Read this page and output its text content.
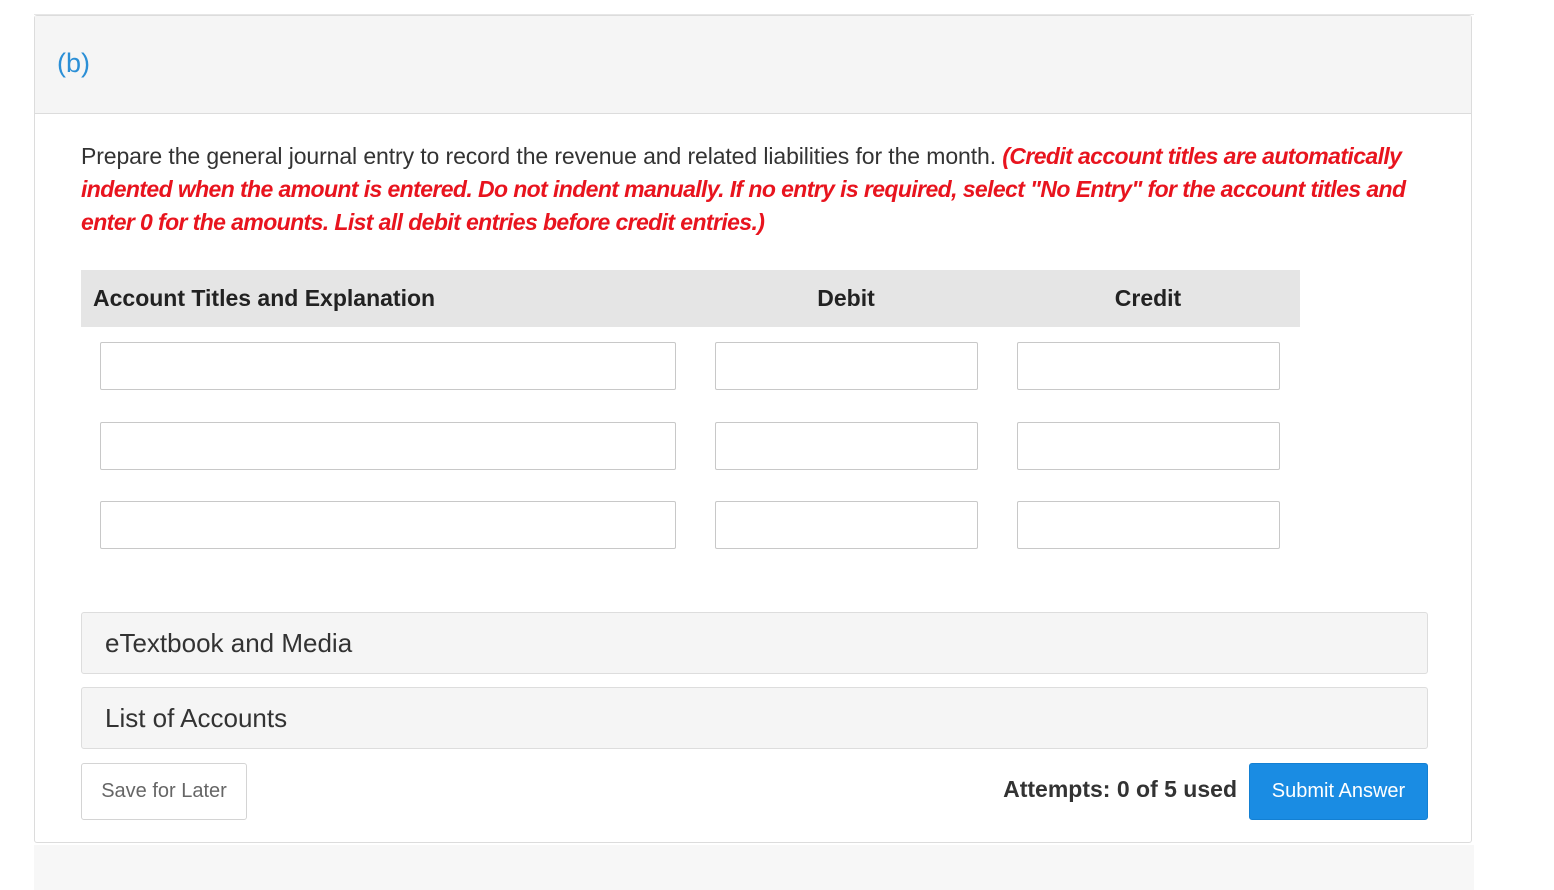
(b)
Prepare the general journal entry to record the revenue and related liabilities for the month. (Credit account titles are automatically indented when the amount is entered. Do not indent manually. If no entry is required, select "No Entry" for the account titles and enter 0 for the amounts. List all debit entries before credit entries.)
Account Titles and Explanation	Debit	Credit
eTextbook and Media
List of Accounts
Save for Later	Attempts: 0 of 5 used	Submit Answer
